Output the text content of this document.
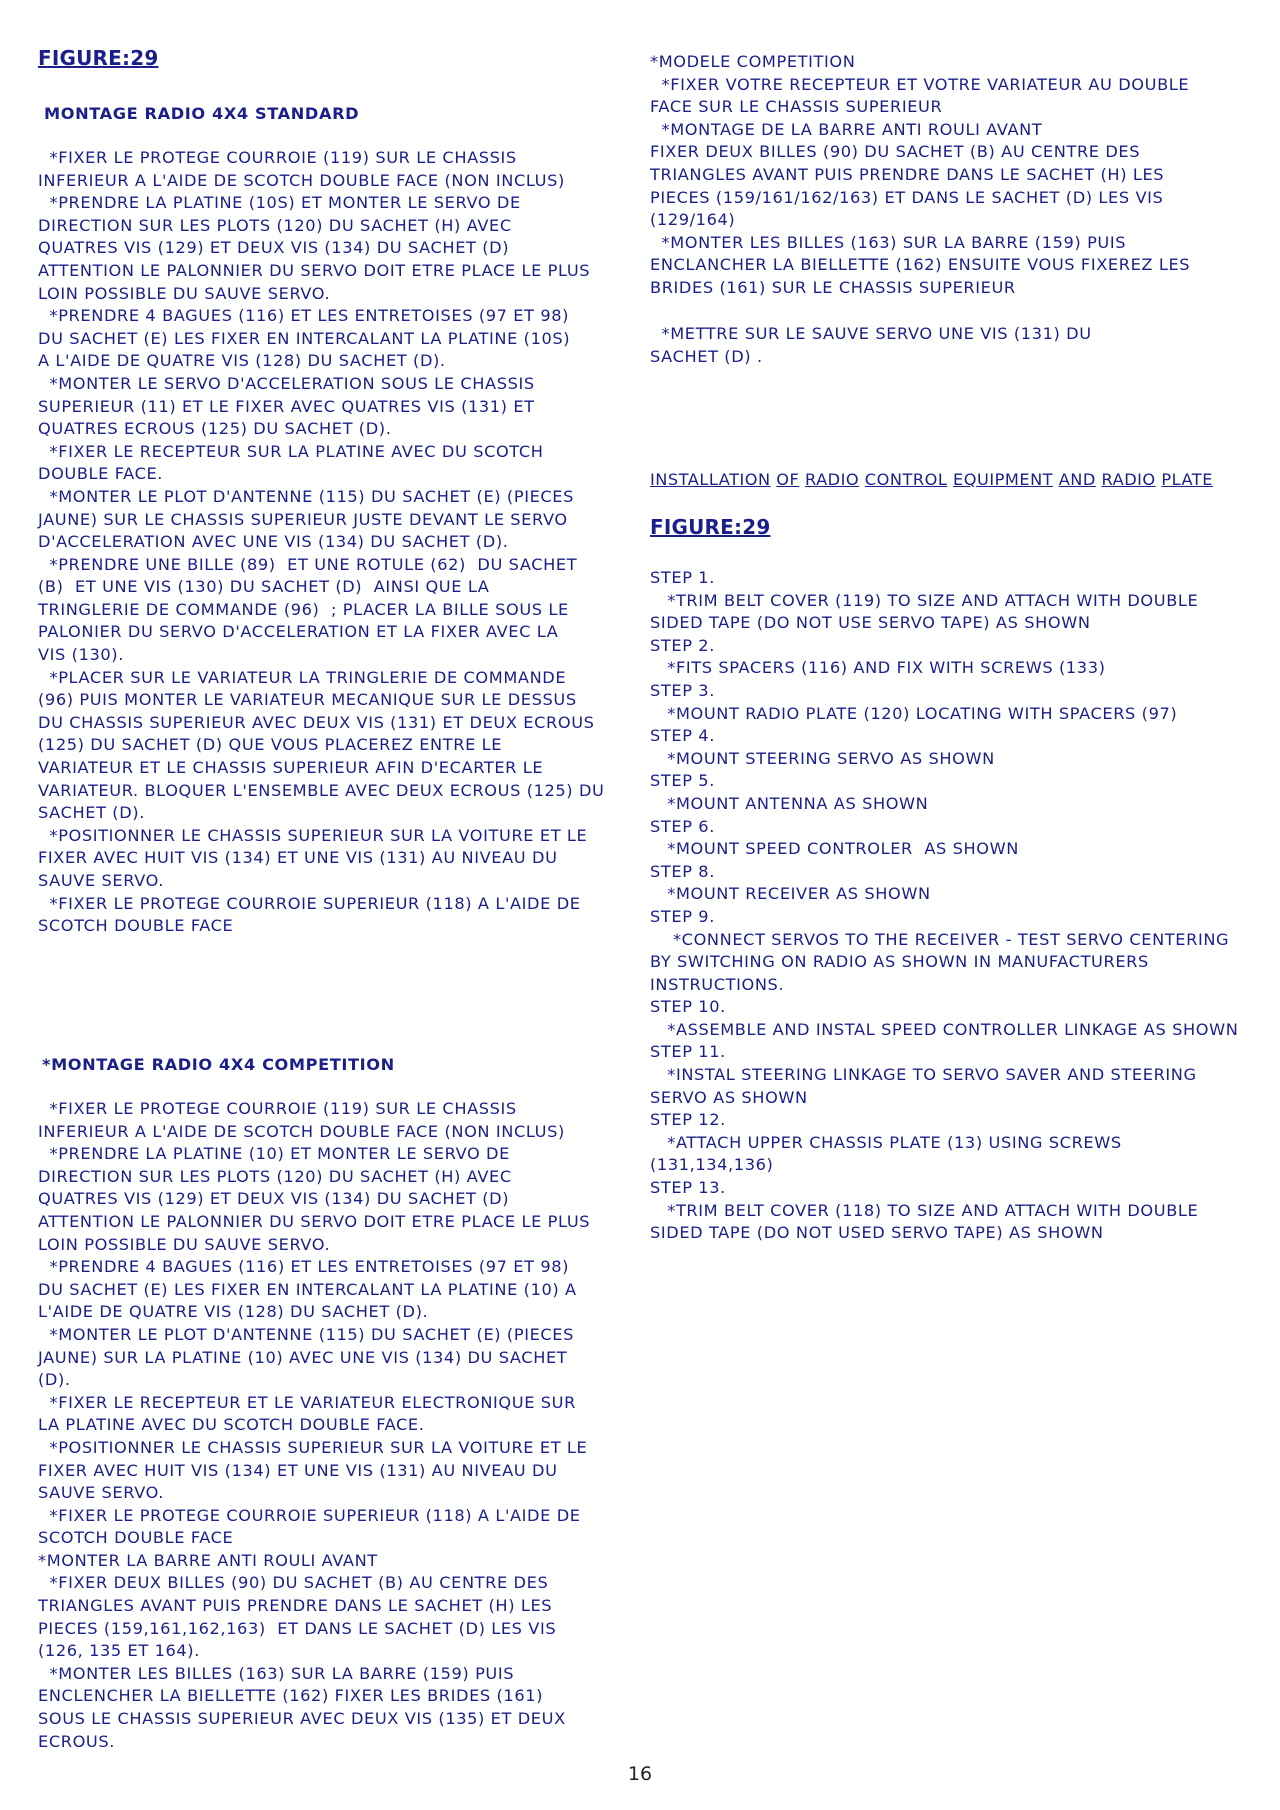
FIGURE:29

MONTAGE RADIO 4X4 STANDARD

*FIXER LE PROTEGE COURROIE (119) SUR LE CHASSIS
INFERIEUR A L'AIDE DE SCOTCH DOUBLE FACE (NON INCLUS)
*PRENDRE LA PLATINE (10S) ET MONTER LE SERVO DE
DIRECTION SUR LES PLOTS (120) DU SACHET (H) AVEC
QUATRES VIS (129) ET DEUX VIS (134) DU SACHET (D)
ATTENTION LE PALONNIER DU SERVO DOIT ETRE PLACE LE PLUS
LOIN POSSIBLE DU SAUVE SERVO.
*PRENDRE 4 BAGUES (116) ET LES ENTRETOISES (97 ET 98)
DU SACHET (E) LES FIXER EN INTERCALANT LA PLATINE (10S)
A L'AIDE DE QUATRE VIS (128) DU SACHET (D).
*MONTER LE SERVO D'ACCELERATION SOUS LE CHASSIS
SUPERIEUR (11) ET LE FIXER AVEC QUATRES VIS (131) ET
QUATRES ECROUS (125) DU SACHET (D).
*FIXER LE RECEPTEUR SUR LA PLATINE AVEC DU SCOTCH
DOUBLE FACE.
*MONTER LE PLOT D'ANTENNE (115) DU SACHET (E) (PIECES
JAUNE) SUR LE CHASSIS SUPERIEUR JUSTE DEVANT LE SERVO
D'ACCELERATION AVEC UNE VIS (134) DU SACHET (D).
*PRENDRE UNE BILLE (89)  ET UNE ROTULE (62)  DU SACHET
(B)  ET UNE VIS (130) DU SACHET (D)  AINSI QUE LA
TRINGLERIE DE COMMANDE (96)  ; PLACER LA BILLE SOUS LE
PALONIER DU SERVO D'ACCELERATION ET LA FIXER AVEC LA
VIS (130).
*PLACER SUR LE VARIATEUR LA TRINGLERIE DE COMMANDE
(96) PUIS MONTER LE VARIATEUR MECANIQUE SUR LE DESSUS
DU CHASSIS SUPERIEUR AVEC DEUX VIS (131) ET DEUX ECROUS
(125) DU SACHET (D) QUE VOUS PLACEREZ ENTRE LE
VARIATEUR ET LE CHASSIS SUPERIEUR AFIN D'ECARTER LE
VARIATEUR. BLOQUER L'ENSEMBLE AVEC DEUX ECROUS (125) DU
SACHET (D).
*POSITIONNER LE CHASSIS SUPERIEUR SUR LA VOITURE ET LE
FIXER AVEC HUIT VIS (134) ET UNE VIS (131) AU NIVEAU DU
SAUVE SERVO.
*FIXER LE PROTEGE COURROIE SUPERIEUR (118) A L'AIDE DE
SCOTCH DOUBLE FACE

*MONTAGE RADIO 4X4 COMPETITION

*FIXER LE PROTEGE COURROIE (119) SUR LE CHASSIS
INFERIEUR A L'AIDE DE SCOTCH DOUBLE FACE (NON INCLUS)
*PRENDRE LA PLATINE (10) ET MONTER LE SERVO DE
DIRECTION SUR LES PLOTS (120) DU SACHET (H) AVEC
QUATRES VIS (129) ET DEUX VIS (134) DU SACHET (D)
ATTENTION LE PALONNIER DU SERVO DOIT ETRE PLACE LE PLUS
LOIN POSSIBLE DU SAUVE SERVO.
*PRENDRE 4 BAGUES (116) ET LES ENTRETOISES (97 ET 98)
DU SACHET (E) LES FIXER EN INTERCALANT LA PLATINE (10) A
L'AIDE DE QUATRE VIS (128) DU SACHET (D).
*MONTER LE PLOT D'ANTENNE (115) DU SACHET (E) (PIECES
JAUNE) SUR LA PLATINE (10) AVEC UNE VIS (134) DU SACHET
(D).
*FIXER LE RECEPTEUR ET LE VARIATEUR ELECTRONIQUE SUR
LA PLATINE AVEC DU SCOTCH DOUBLE FACE.
*POSITIONNER LE CHASSIS SUPERIEUR SUR LA VOITURE ET LE
FIXER AVEC HUIT VIS (134) ET UNE VIS (131) AU NIVEAU DU
SAUVE SERVO.
*FIXER LE PROTEGE COURROIE SUPERIEUR (118) A L'AIDE DE
SCOTCH DOUBLE FACE
*MONTER LA BARRE ANTI ROULI AVANT
*FIXER DEUX BILLES (90) DU SACHET (B) AU CENTRE DES
TRIANGLES AVANT PUIS PRENDRE DANS LE SACHET (H) LES
PIECES (159,161,162,163)  ET DANS LE SACHET (D) LES VIS
(126, 135 ET 164).
*MONTER LES BILLES (163) SUR LA BARRE (159) PUIS
ENCLENCHER LA BIELLETTE (162) FIXER LES BRIDES (161)
SOUS LE CHASSIS SUPERIEUR AVEC DEUX VIS (135) ET DEUX
ECROUS.

*MODELE COMPETITION
*FIXER VOTRE RECEPTEUR ET VOTRE VARIATEUR AU DOUBLE
FACE SUR LE CHASSIS SUPERIEUR
*MONTAGE DE LA BARRE ANTI ROULI AVANT
FIXER DEUX BILLES (90) DU SACHET (B) AU CENTRE DES
TRIANGLES AVANT PUIS PRENDRE DANS LE SACHET (H) LES
PIECES (159/161/162/163) ET DANS LE SACHET (D) LES VIS
(129/164)
*MONTER LES BILLES (163) SUR LA BARRE (159) PUIS
ENCLANCHER LA BIELLETTE (162) ENSUITE VOUS FIXEREZ LES
BRIDES (161) SUR LE CHASSIS SUPERIEUR

*METTRE SUR LE SAUVE SERVO UNE VIS (131) DU
SACHET (D) .

INSTALLATION OF RADIO CONTROL EQUIPMENT AND RADIO PLATE

FIGURE:29

STEP 1.
*TRIM BELT COVER (119) TO SIZE AND ATTACH WITH DOUBLE
SIDED TAPE (DO NOT USE SERVO TAPE) AS SHOWN
STEP 2.
*FITS SPACERS (116) AND FIX WITH SCREWS (133)
STEP 3.
*MOUNT RADIO PLATE (120) LOCATING WITH SPACERS (97)
STEP 4.
*MOUNT STEERING SERVO AS SHOWN
STEP 5.
*MOUNT ANTENNA AS SHOWN
STEP 6.
*MOUNT SPEED CONTROLER  AS SHOWN
STEP 8.
*MOUNT RECEIVER AS SHOWN
STEP 9.
*CONNECT SERVOS TO THE RECEIVER - TEST SERVO CENTERING
BY SWITCHING ON RADIO AS SHOWN IN MANUFACTURERS
INSTRUCTIONS.
STEP 10.
*ASSEMBLE AND INSTAL SPEED CONTROLLER LINKAGE AS SHOWN
STEP 11.
*INSTAL STEERING LINKAGE TO SERVO SAVER AND STEERING
SERVO AS SHOWN
STEP 12.
*ATTACH UPPER CHASSIS PLATE (13) USING SCREWS
(131,134,136)
STEP 13.
*TRIM BELT COVER (118) TO SIZE AND ATTACH WITH DOUBLE
SIDED TAPE (DO NOT USED SERVO TAPE) AS SHOWN

16
